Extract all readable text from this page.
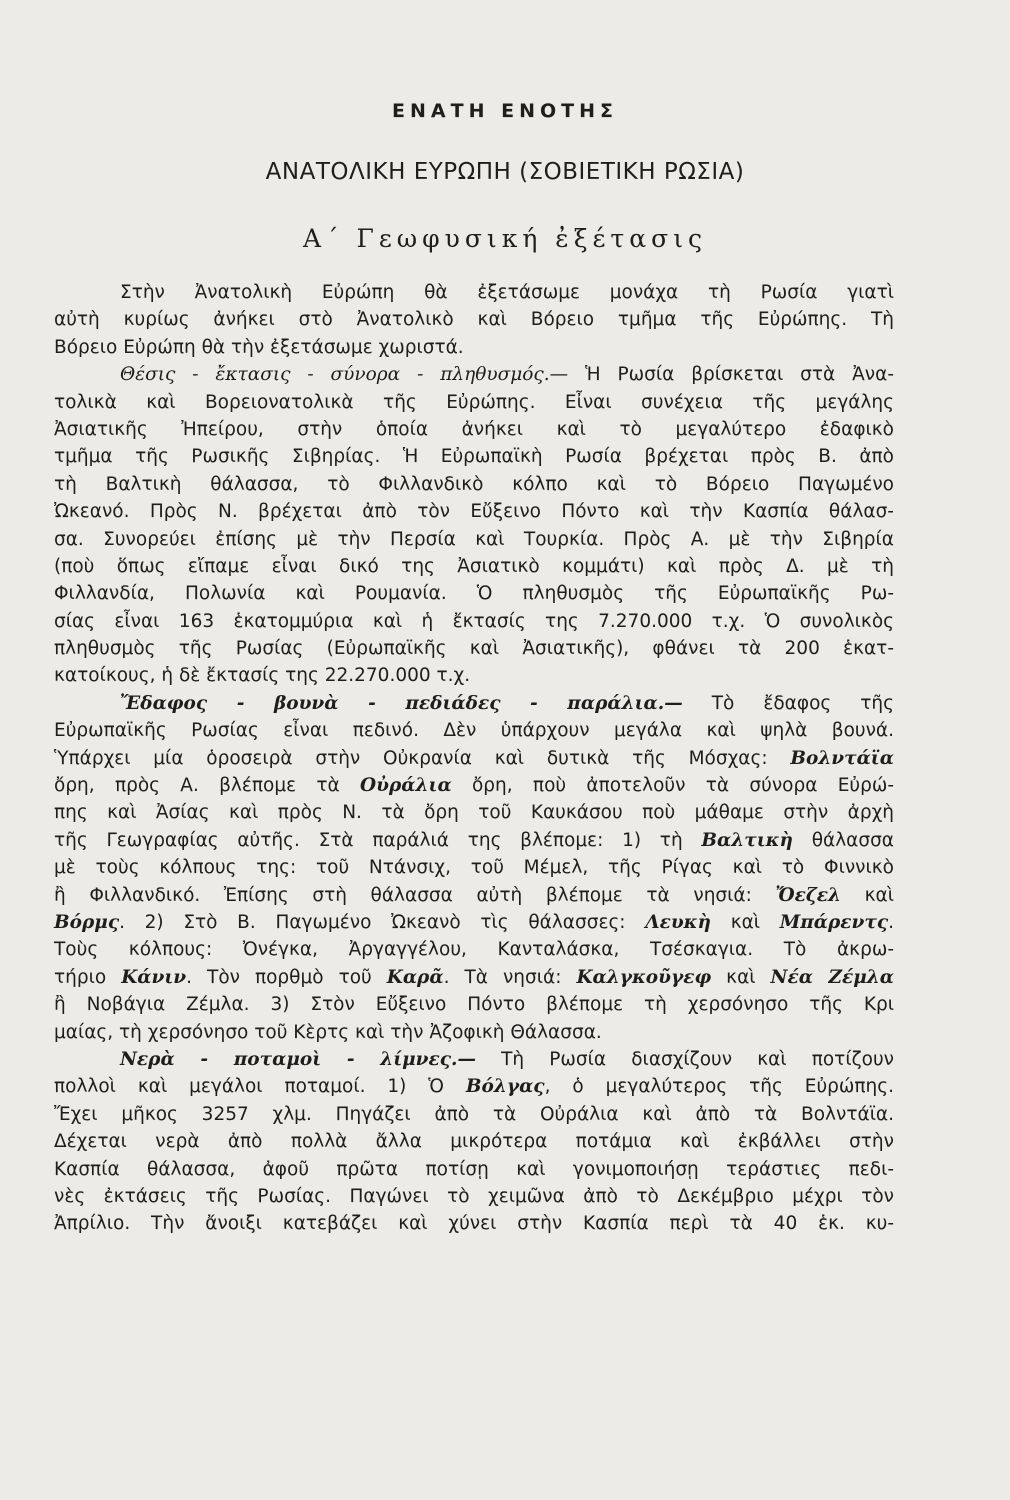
ΕΝΑΤΗ ΕΝΟΤΗΣ
ΑΝΑΤΟΛΙΚΗ ΕΥΡΩΠΗ (ΣΟΒΙΕΤΙΚΗ ΡΩΣΙΑ)
Α΄ Γεωφυσική ἐξέτασις
Στὴν Ἀνατολικὴ Εὐρώπη θὰ ἐξετάσωμε μονάχα τὴ Ρωσία γιατὶ
αὐτὴ κυρίως ἀνήκει στὸ Ἀνατολικὸ καὶ Βόρειο τμῆμα τῆς Εὐρώπης. Τὴ
Βόρειο Εὐρώπη θὰ τὴν ἐξετάσωμε χωριστά.
Θέσις - ἔκτασις - σύνορα - πληθυσμός.— Ἡ Ρωσία βρίσκεται στὰ Ἀνα-
τολικὰ καὶ Βορειονατολικὰ τῆς Εὐρώπης. Εἶναι συνέχεια τῆς μεγάλης
Ἀσιατικῆς Ἠπείρου, στὴν ὁποία ἀνήκει καὶ τὸ μεγαλύτερο ἐδαφικὸ
τμῆμα τῆς Ρωσικῆς Σιβηρίας. Ἡ Εὐρωπαϊκὴ Ρωσία βρέχεται πρὸς Β. ἀπὸ
τὴ Βαλτικὴ θάλασσα, τὸ Φιλλανδικὸ κόλπο καὶ τὸ Βόρειο Παγωμένο
Ὠκεανό. Πρὸς Ν. βρέχεται ἀπὸ τὸν Εὔξεινο Πόντο καὶ τὴν Κασπία θάλασ-
σα. Συνορεύει ἐπίσης μὲ τὴν Περσία καὶ Τουρκία. Πρὸς Α. μὲ τὴν Σιβηρία
(ποὺ ὅπως εἴπαμε εἶναι δικό της Ἀσιατικὸ κομμάτι) καὶ πρὸς Δ. μὲ τὴ
Φιλλανδία, Πολωνία καὶ Ρουμανία. Ὁ πληθυσμὸς τῆς Εὐρωπαϊκῆς Ρω-
σίας εἶναι 163 ἑκατομμύρια καὶ ἡ ἔκτασίς της 7.270.000 τ.χ. Ὁ συνολικὸς
πληθυσμὸς τῆς Ρωσίας (Εὐρωπαϊκῆς καὶ Ἀσιατικῆς), φθάνει τὰ 200 ἑκατ-
κατοίκους, ἡ δὲ ἔκτασίς της 22.270.000 τ.χ.
Ἔδαφος - βουνὰ - πεδιάδες - παράλια.— Τὸ ἔδαφος τῆς
Εὐρωπαϊκῆς Ρωσίας εἶναι πεδινό. Δὲν ὑπάρχουν μεγάλα καὶ ψηλὰ βουνά.
Ὑπάρχει μία ὁροσειρὰ στὴν Οὐκρανία καὶ δυτικὰ τῆς Μόσχας: Βολντάϊα
ὄρη, πρὸς Α. βλέπομε τὰ Οὐράλια ὄρη, ποὺ ἀποτελοῦν τὰ σύνορα Εὐρώ-
πης καὶ Ἀσίας καὶ πρὸς Ν. τὰ ὄρη τοῦ Καυκάσου ποὺ μάθαμε στὴν ἀρχὴ
τῆς Γεωγραφίας αὐτῆς. Στὰ παράλιά της βλέπομε: 1) τὴ Βαλτικὴ θάλασσα
μὲ τοὺς κόλπους της: τοῦ Ντάνσιχ, τοῦ Μέμελ, τῆς Ρίγας καὶ τὸ Φιννικὸ
ἢ Φιλλανδικό. Ἐπίσης στὴ θάλασσα αὐτὴ βλέπομε τὰ νησιά: Ὄεζελ καὶ
Βόρμς. 2) Στὸ Β. Παγωμένο Ὠκεανὸ τὶς θάλασσες: Λευκὴ καὶ Μπάρεντς.
Τοὺς κόλπους: Ὀνέγκα, Ἀργαγγέλου, Κανταλάσκα, Τσέσκαγια. Τὸ ἀκρω-
τήριο Κάνιν. Τὸν πορθμὸ τοῦ Καρᾶ. Τὰ νησιά: Καλγκοῦγεφ καὶ Νέα Ζέμλα
ἢ Νοβάγια Ζέμλα. 3) Στὸν Εὔξεινο Πόντο βλέπομε τὴ χερσόνησο τῆς Κρι
μαίας, τὴ χερσόνησο τοῦ Κὲρτς καὶ τὴν Ἀζοφικὴ Θάλασσα.
Νερὰ - ποταμοὶ - λίμνες.— Τὴ Ρωσία διασχίζουν καὶ ποτίζουν
πολλοὶ καὶ μεγάλοι ποταμοί. 1) Ὁ Βόλγας, ὁ μεγαλύτερος τῆς Εὐρώπης.
Ἔχει μῆκος 3257 χλμ. Πηγάζει ἀπὸ τὰ Οὐράλια καὶ ἀπὸ τὰ Βολντάϊα.
Δέχεται νερὰ ἀπὸ πολλὰ ἄλλα μικρότερα ποτάμια καὶ ἐκβάλλει στὴν
Κασπία θάλασσα, ἀφοῦ πρῶτα ποτίσῃ καὶ γονιμοποιήσῃ τεράστιες πεδι-
νὲς ἐκτάσεις τῆς Ρωσίας. Παγώνει τὸ χειμῶνα ἀπὸ τὸ Δεκέμβριο μέχρι τὸν
Ἀπρίλιο. Τὴν ἄνοιξι κατεβάζει καὶ χύνει στὴν Κασπία περὶ τὰ 40 ἑκ. κυ-
